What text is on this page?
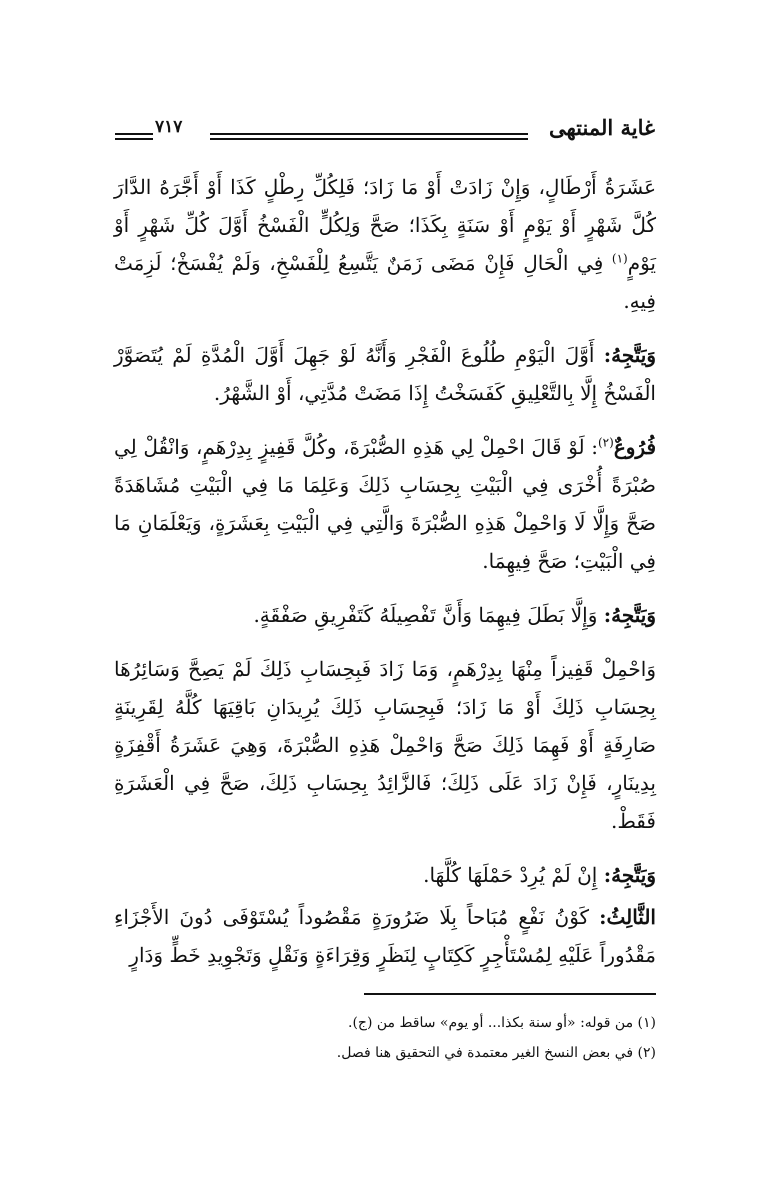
غاية المنتهى
٧١٧

عَشَرَةُ أَرْطَالٍ، وَإِنْ زَادَتْ أَوْ مَا زَادَ؛ فَلِكُلِّ رِطْلٍ كَذَا أَوْ أَجَّرَهُ الدَّارَ كُلَّ شَهْرٍ أَوْ يَوْمٍ أَوْ سَنَةٍ بِكَذَا؛ صَحَّ وَلِكُلٍّ الْفَسْخُ أَوَّلَ كُلِّ شَهْرٍ أَوْ يَوْمٍ$^{(١)}$ فِي الْحَالِ فَإِنْ مَضَى زَمَنٌ يَتَّسِعُ لِلْفَسْخِ، وَلَمْ يُفْسَخْ؛ لَزِمَتْ فِيهِ.

وَيَتَّجِهُ: أَوَّلَ الْيَوْمِ طُلُوعَ الْفَجْرِ وَأَنَّهُ لَوْ جَهِلَ أَوَّلَ الْمُدَّةِ لَمْ يُتَصَوَّرْ الْفَسْخُ إِلَّا بِالتَّعْلِيقِ كَفَسَخْتُ إِذَا مَضَتْ مُدَّتِي، أَوْ الشَّهْرُ.

فُرُوعٌ$^{(٢)}$: لَوْ قَالَ احْمِلْ لِي هَذِهِ الصُّبْرَةَ، وكُلَّ قَفِيزٍ بِدِرْهَمٍ، وَانْقُلْ لِي صُبْرَةً أُخْرَى فِي الْبَيْتِ بِحِسَابِ ذَلِكَ وَعَلِمَا مَا فِي الْبَيْتِ مُشَاهَدَةً صَحَّ وَإِلَّا لَا وَاحْمِلْ هَذِهِ الصُّبْرَةَ وَالَّتِي فِي الْبَيْتِ بِعَشَرَةٍ، وَيَعْلَمَانِ مَا فِي الْبَيْتِ؛ صَحَّ فِيهِمَا.

وَيَتَّجِهُ: وَإِلَّا بَطَلَ فِيهِمَا وَأَنَّ تَفْصِيلَهُ كَتَفْرِيقِ صَفْقَةٍ.

وَاحْمِلْ قَفِيزاً مِنْهَا بِدِرْهَمٍ، وَمَا زَادَ فَبِحِسَابِ ذَلِكَ لَمْ يَصِحَّ وَسَائِرُهَا بِحِسَابِ ذَلِكَ أَوْ مَا زَادَ؛ فَبِحِسَابِ ذَلِكَ يُرِيدَانِ بَاقِيَهَا كُلَّهُ لِقَرِينَةٍ صَارِفَةٍ أَوْ فَهِمَا ذَلِكَ صَحَّ وَاحْمِلْ هَذِهِ الصُّبْرَةَ، وَهِيَ عَشَرَةُ أَقْفِزَةٍ بِدِينَارٍ، فَإِنْ زَادَ عَلَى ذَلِكَ؛ فَالزَّائِدُ بِحِسَابِ ذَلِكَ، صَحَّ فِي الْعَشَرَةِ فَقَطْ.

وَيَتَّجِهُ: إِنْ لَمْ يُرِدْ حَمْلَهَا كُلَّهَا.

الثَّالِثُ: كَوْنُ نَفْعٍ مُبَاحاً بِلَا ضَرُورَةٍ مَقْصُوداً يُسْتَوْفَى دُونَ الأَجْزَاءِ مَقْدُوراً عَلَيْهِ لِمُسْتَأْجِرٍ كَكِتَابٍ لِنَظَرٍ وَقِرَاءَةٍ وَنَقْلٍ وَتَجْوِيدِ خَطٍّ وَدَارٍ

(١) من قوله: «أو سنة بكذا... أو يوم» ساقط من (ج).

(٢) في بعض النسخ الغير معتمدة في التحقيق هنا فصل.
